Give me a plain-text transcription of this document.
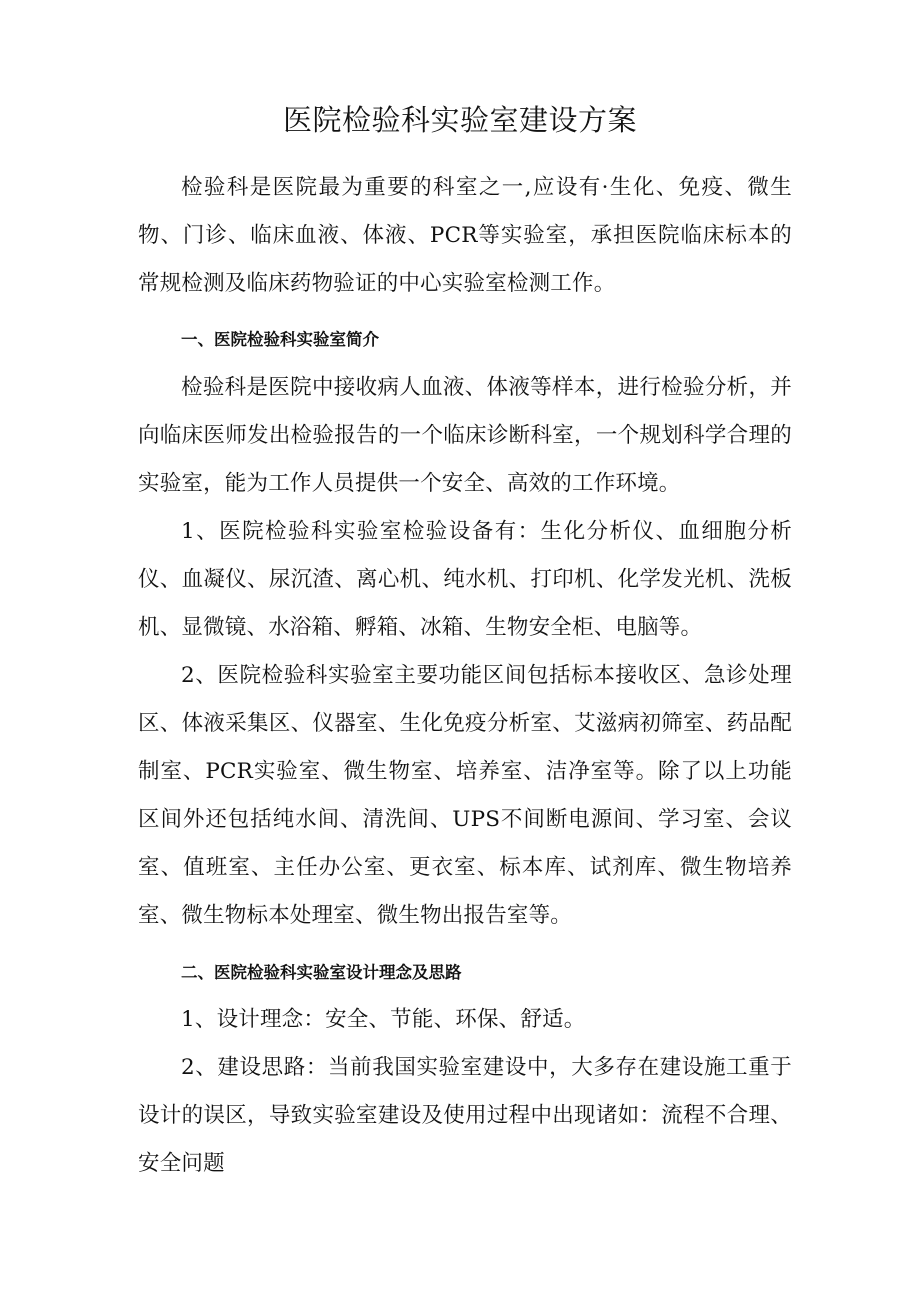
医院检验科实验室建设方案

检验科是医院最为重要的科室之一,应设有·生化、免疫、微生物、门诊、临床血液、体液、PCR等实验室，承担医院临床标本的常规检测及临床药物验证的中心实验室检测工作。

一、医院检验科实验室简介

检验科是医院中接收病人血液、体液等样本，进行检验分析，并向临床医师发出检验报告的一个临床诊断科室，一个规划科学合理的实验室，能为工作人员提供一个安全、高效的工作环境。

1、医院检验科实验室检验设备有：生化分析仪、血细胞分析仪、血凝仪、尿沉渣、离心机、纯水机、打印机、化学发光机、洗板机、显微镜、水浴箱、孵箱、冰箱、生物安全柜、电脑等。

2、医院检验科实验室主要功能区间包括标本接收区、急诊处理区、体液采集区、仪器室、生化免疫分析室、艾滋病初筛室、药品配制室、PCR实验室、微生物室、培养室、洁净室等。除了以上功能区间外还包括纯水间、清洗间、UPS不间断电源间、学习室、会议室、值班室、主任办公室、更衣室、标本库、试剂库、微生物培养室、微生物标本处理室、微生物出报告室等。

二、医院检验科实验室设计理念及思路

1、设计理念：安全、节能、环保、舒适。

2、建设思路：当前我国实验室建设中，大多存在建设施工重于设计的误区，导致实验室建设及使用过程中出现诸如：流程不合理、安全问题
